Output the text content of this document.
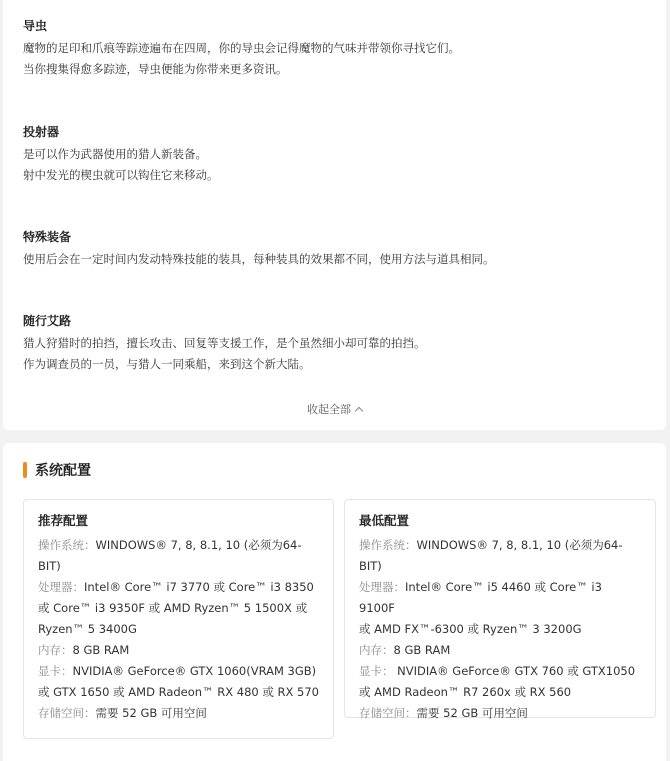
导虫

魔物的足印和爪痕等踪迹遍布在四周，你的导虫会记得魔物的气味并带领你寻找它们。

当你搜集得愈多踪迹，导虫便能为你带来更多资讯。

投射器

是可以作为武器使用的猎人新装备。

射中发光的楔虫就可以钩住它来移动。

特殊装备

使用后会在一定时间内发动特殊技能的装具，每种装具的效果都不同，使用方法与道具相同。

随行艾路

猎人狩猎时的拍挡，擅长攻击、回复等支援工作，是个虽然细小却可靠的拍挡。

作为调查员的一员，与猎人一同乘船，来到这个新大陆。

收起全部
系统配置
推荐配置
操作系统：WINDOWS® 7, 8, 8.1, 10 (必须为64-
BIT)
处理器：Intel® Core™ i7 3770 或 Core™ i3 8350
或 Core™ i3 9350F 或 AMD Ryzen™ 5 1500X 或
Ryzen™ 5 3400G
内存：8 GB RAM
显卡：NVIDIA® GeForce® GTX 1060(VRAM 3GB)
或 GTX 1650 或 AMD Radeon™ RX 480 或 RX 570
存储空间：需要 52 GB 可用空间
最低配置
操作系统：WINDOWS® 7, 8, 8.1, 10 (必须为64-
BIT)
处理器：Intel® Core™ i5 4460 或 Core™ i3 9100F
或 AMD FX™-6300 或 Ryzen™ 3 3200G
内存：8 GB RAM
显卡： NVIDIA® GeForce® GTX 760 或 GTX1050
或 AMD Radeon™ R7 260x 或 RX 560
存储空间：需要 52 GB 可用空间
